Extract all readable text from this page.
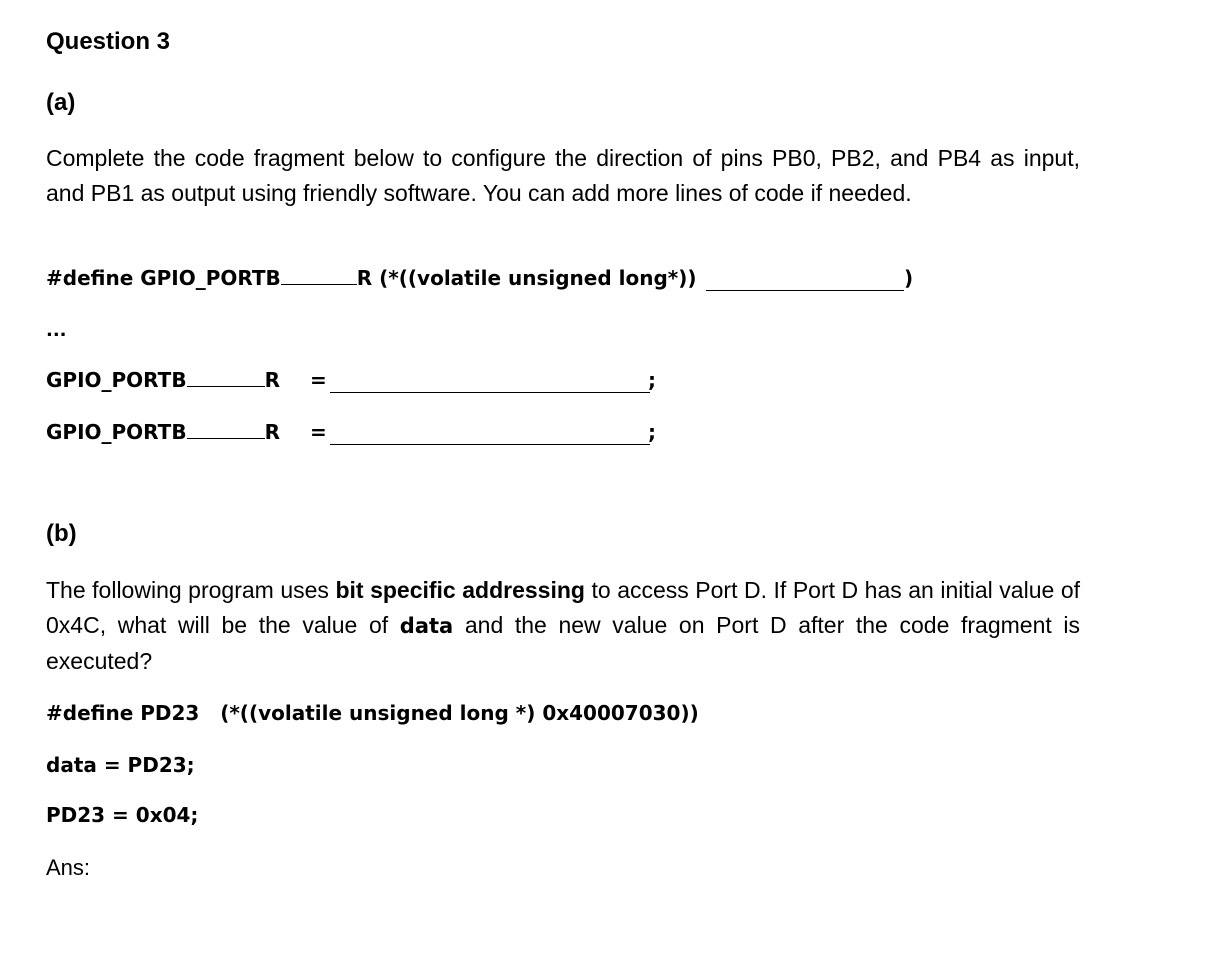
Question 3
(a)
Complete the code fragment below to configure the direction of pins PB0, PB2, and PB4 as input, and PB1 as output using friendly software. You can add more lines of code if needed.
#define GPIO_PORTB	R (*((volatile unsigned long*))	)
...
GPIO_PORTB	R =	;
GPIO_PORTB	R =	;
(b)
The following program uses bit specific addressing to access Port D. If Port D has an initial value of 0x4C, what will be the value of data and the new value on Port D after the code fragment is executed?
#define PD23   (*((volatile unsigned long *) 0x40007030))
data = PD23;
PD23 = 0x04;
Ans:
